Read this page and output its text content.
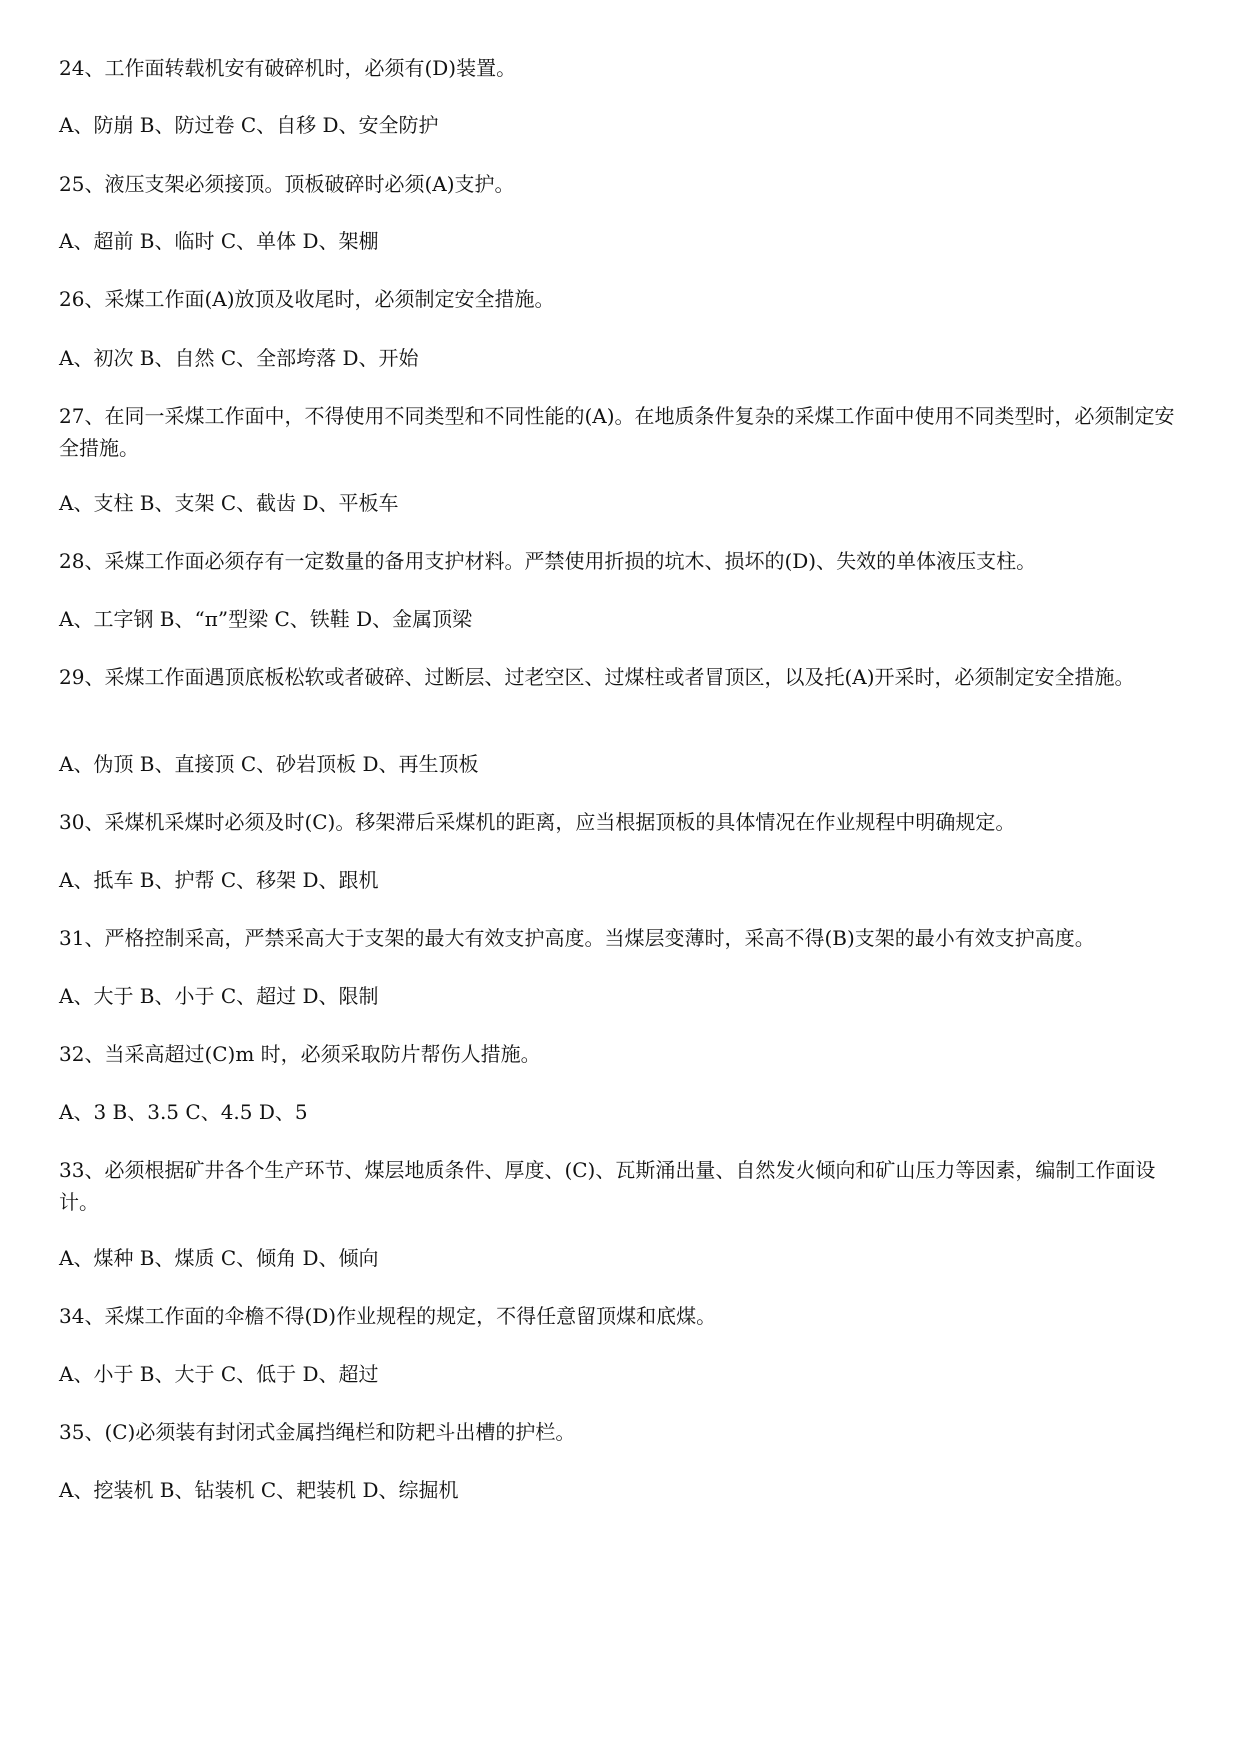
24、工作面转载机安有破碎机时，必须有(D)装置。
A、防崩 B、防过卷 C、自移 D、安全防护
25、液压支架必须接顶。顶板破碎时必须(A)支护。
A、超前 B、临时 C、单体 D、架棚
26、采煤工作面(A)放顶及收尾时，必须制定安全措施。
A、初次 B、自然 C、全部垮落 D、开始
27、在同一采煤工作面中，不得使用不同类型和不同性能的(A)。在地质条件复杂的采煤工作面中使用不同类型时，必须制定安全措施。
A、支柱 B、支架 C、截齿 D、平板车
28、采煤工作面必须存有一定数量的备用支护材料。严禁使用折损的坑木、损坏的(D)、失效的单体液压支柱。
A、工字钢 B、“π”型梁 C、铁鞋 D、金属顶梁
29、采煤工作面遇顶底板松软或者破碎、过断层、过老空区、过煤柱或者冒顶区，以及托(A)开采时，必须制定安全措施。
A、伪顶 B、直接顶 C、砂岩顶板 D、再生顶板
30、采煤机采煤时必须及时(C)。移架滞后采煤机的距离，应当根据顶板的具体情况在作业规程中明确规定。
A、抵车 B、护帮 C、移架 D、跟机
31、严格控制采高，严禁采高大于支架的最大有效支护高度。当煤层变薄时，采高不得(B)支架的最小有效支护高度。
A、大于 B、小于 C、超过 D、限制
32、当采高超过(C)m 时，必须采取防片帮伤人措施。
A、3 B、3.5 C、4.5 D、5
33、必须根据矿井各个生产环节、煤层地质条件、厚度、(C)、瓦斯涌出量、自然发火倾向和矿山压力等因素，编制工作面设计。
A、煤种 B、煤质 C、倾角 D、倾向
34、采煤工作面的伞檐不得(D)作业规程的规定，不得任意留顶煤和底煤。
A、小于 B、大于 C、低于 D、超过
35、(C)必须装有封闭式金属挡绳栏和防耙斗出槽的护栏。
A、挖装机 B、钻装机 C、耙装机 D、综掘机
